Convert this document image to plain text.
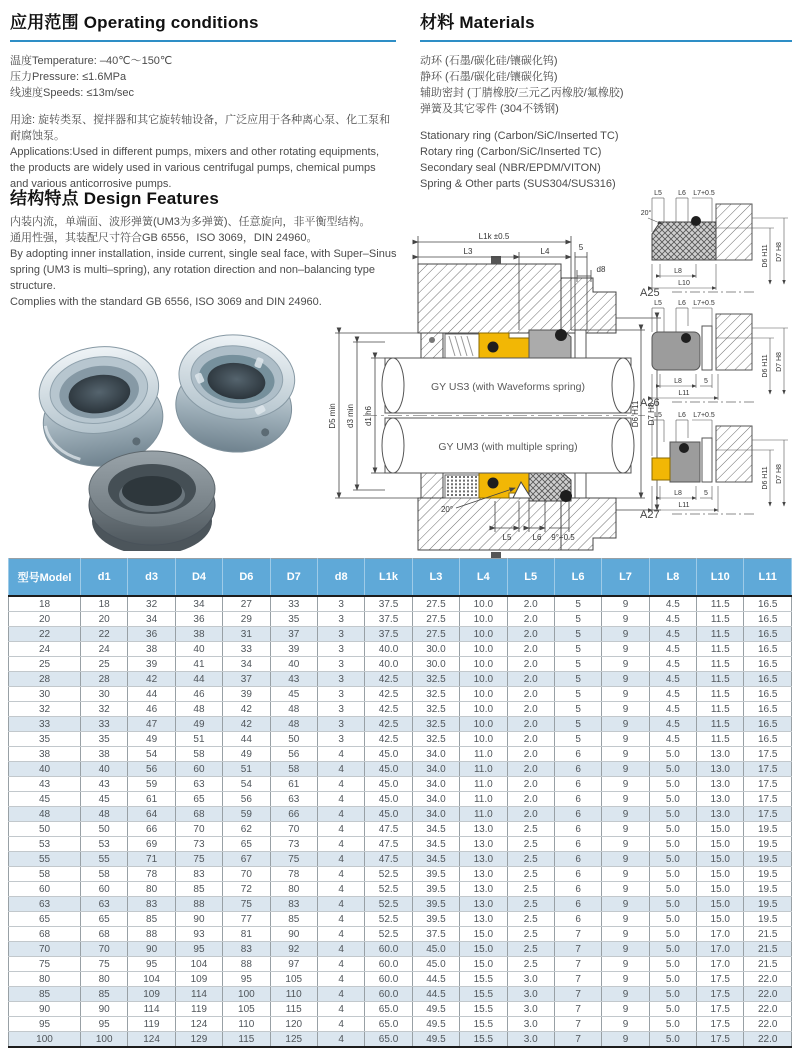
应用范围 Operating conditions
温度Temperature: –40℃～150℃
压力Pressure: ≤1.6MPa
线速度Speeds: ≤13m/sec
用途: 旋转类泵、搅拌器和其它旋转轴设备，广泛应用于各种离心泵、化工泵和耐腐蚀泵。
Applications:Used in different pumps, mixers and other rotating equipments, the products are widely used in various centrifugal pumps, chemical pumps and various anticorrosive pumps.
材料 Materials
动环 (石墨/碳化硅/镶碳化钨)
静环 (石墨/碳化硅/镶碳化钨)
辅助密封 (丁腈橡胶/三元乙丙橡胶/氟橡胶)
弹簧及其它零件 (304不锈钢)
Stationary ring (Carbon/SiC/Inserted TC)
Rotary ring (Carbon/SiC/Inserted TC)
Secondary seal (NBR/EPDM/VITON)
Spring & Other parts (SUS304/SUS316)
结构特点 Design Features
内装内流，单端面、波形弹簧(UM3为多弹簧)、任意旋向，非平衡型结构。
通用性强，其装配尺寸符合GB 6556，ISO 3069，DIN 24960。
By adopting inner installation, inside current, single seal face, with Super–Sinus spring (UM3 is multi–spring), any rotation direction and non–balancing type structure.
Complies with the standard GB 6556, ISO 3069 and DIN 24960.
GY US3 (with Waveforms spring)
GY UM3 (with multiple spring)
L1k ±0.5
L3	L4	5
d8
D5 min d3 min d1 h6	D6 H11 D7 H8
L5	L6 9°+0.5
20°
L5 L6 L7+0.5
20°
L8
L10
D6 H11 D7 H8
A25
L5 L6 L7+0.5
L8	5
L11
D6 H11 D7 H8
A26
L5 L6 L7+0.5
L8	5
L11
D6 H11 D7 H8
A27
型号Model	d1	d3	D4	D6	D7	d8	L1k	L3	L4	L5	L6	L7	L8	L10	L11
18	18	32	34	27	33	3	37.5	27.5	10.0	2.0	5	9	4.5	11.5	16.5
20	20	34	36	29	35	3	37.5	27.5	10.0	2.0	5	9	4.5	11.5	16.5
22	22	36	38	31	37	3	37.5	27.5	10.0	2.0	5	9	4.5	11.5	16.5
24	24	38	40	33	39	3	40.0	30.0	10.0	2.0	5	9	4.5	11.5	16.5
25	25	39	41	34	40	3	40.0	30.0	10.0	2.0	5	9	4.5	11.5	16.5
28	28	42	44	37	43	3	42.5	32.5	10.0	2.0	5	9	4.5	11.5	16.5
30	30	44	46	39	45	3	42.5	32.5	10.0	2.0	5	9	4.5	11.5	16.5
32	32	46	48	42	48	3	42.5	32.5	10.0	2.0	5	9	4.5	11.5	16.5
33	33	47	49	42	48	3	42.5	32.5	10.0	2.0	5	9	4.5	11.5	16.5
35	35	49	51	44	50	3	42.5	32.5	10.0	2.0	5	9	4.5	11.5	16.5
38	38	54	58	49	56	4	45.0	34.0	11.0	2.0	6	9	5.0	13.0	17.5
40	40	56	60	51	58	4	45.0	34.0	11.0	2.0	6	9	5.0	13.0	17.5
43	43	59	63	54	61	4	45.0	34.0	11.0	2.0	6	9	5.0	13.0	17.5
45	45	61	65	56	63	4	45.0	34.0	11.0	2.0	6	9	5.0	13.0	17.5
48	48	64	68	59	66	4	45.0	34.0	11.0	2.0	6	9	5.0	13.0	17.5
50	50	66	70	62	70	4	47.5	34.5	13.0	2.5	6	9	5.0	15.0	19.5
53	53	69	73	65	73	4	47.5	34.5	13.0	2.5	6	9	5.0	15.0	19.5
55	55	71	75	67	75	4	47.5	34.5	13.0	2.5	6	9	5.0	15.0	19.5
58	58	78	83	70	78	4	52.5	39.5	13.0	2.5	6	9	5.0	15.0	19.5
60	60	80	85	72	80	4	52.5	39.5	13.0	2.5	6	9	5.0	15.0	19.5
63	63	83	88	75	83	4	52.5	39.5	13.0	2.5	6	9	5.0	15.0	19.5
65	65	85	90	77	85	4	52.5	39.5	13.0	2.5	6	9	5.0	15.0	19.5
68	68	88	93	81	90	4	52.5	37.5	15.0	2.5	7	9	5.0	17.0	21.5
70	70	90	95	83	92	4	60.0	45.0	15.0	2.5	7	9	5.0	17.0	21.5
75	75	95	104	88	97	4	60.0	45.0	15.0	2.5	7	9	5.0	17.0	21.5
80	80	104	109	95	105	4	60.0	44.5	15.5	3.0	7	9	5.0	17.5	22.0
85	85	109	114	100	110	4	60.0	44.5	15.5	3.0	7	9	5.0	17.5	22.0
90	90	114	119	105	115	4	65.0	49.5	15.5	3.0	7	9	5.0	17.5	22.0
95	95	119	124	110	120	4	65.0	49.5	15.5	3.0	7	9	5.0	17.5	22.0
100	100	124	129	115	125	4	65.0	49.5	15.5	3.0	7	9	5.0	17.5	22.0
